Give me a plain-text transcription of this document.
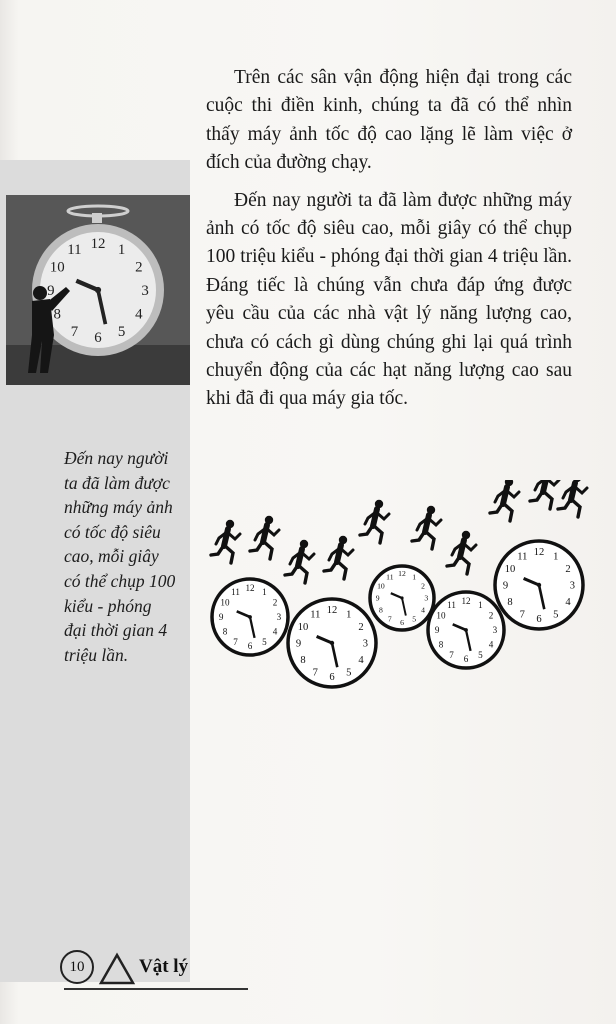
12 1
2
3
4
5
6
7
8
9
10
11

Đến nay người
ta đã làm được
những máy ảnh
có tốc độ siêu
cao, mỗi giây
có thể chụp 100
kiểu - phóng
đại thời gian 4
triệu lần.

Trên các sân vận động hiện đại trong các cuộc thi điền kinh, chúng ta đã có thể nhìn thấy máy ảnh tốc độ cao lặng lẽ làm việc ở đích của đường chạy.

Đến nay người ta đã làm được những máy ảnh có tốc độ siêu cao, mỗi giây có thể chụp 100 triệu kiểu - phóng đại thời gian 4 triệu lần. Đáng tiếc là chúng vẫn chưa đáp ứng được yêu cầu của các nhà vật lý năng lượng cao, chưa có cách gì dùng chúng ghi lại quá trình chuyển động của các hạt năng lượng cao sau khi đã đi qua máy gia tốc.

12 1
2
3
4
5
6
7
8
9
10
11
12 1
2
3
4
5
6
7
8
9
10
11
12 1
2
3
4
5
6
7
8
9
10
11
12 1
2
3
4
5
6
7
8
9
10
11
12 1
2
3
4
5
6
7
8
9
10
11
10	Vật lý
